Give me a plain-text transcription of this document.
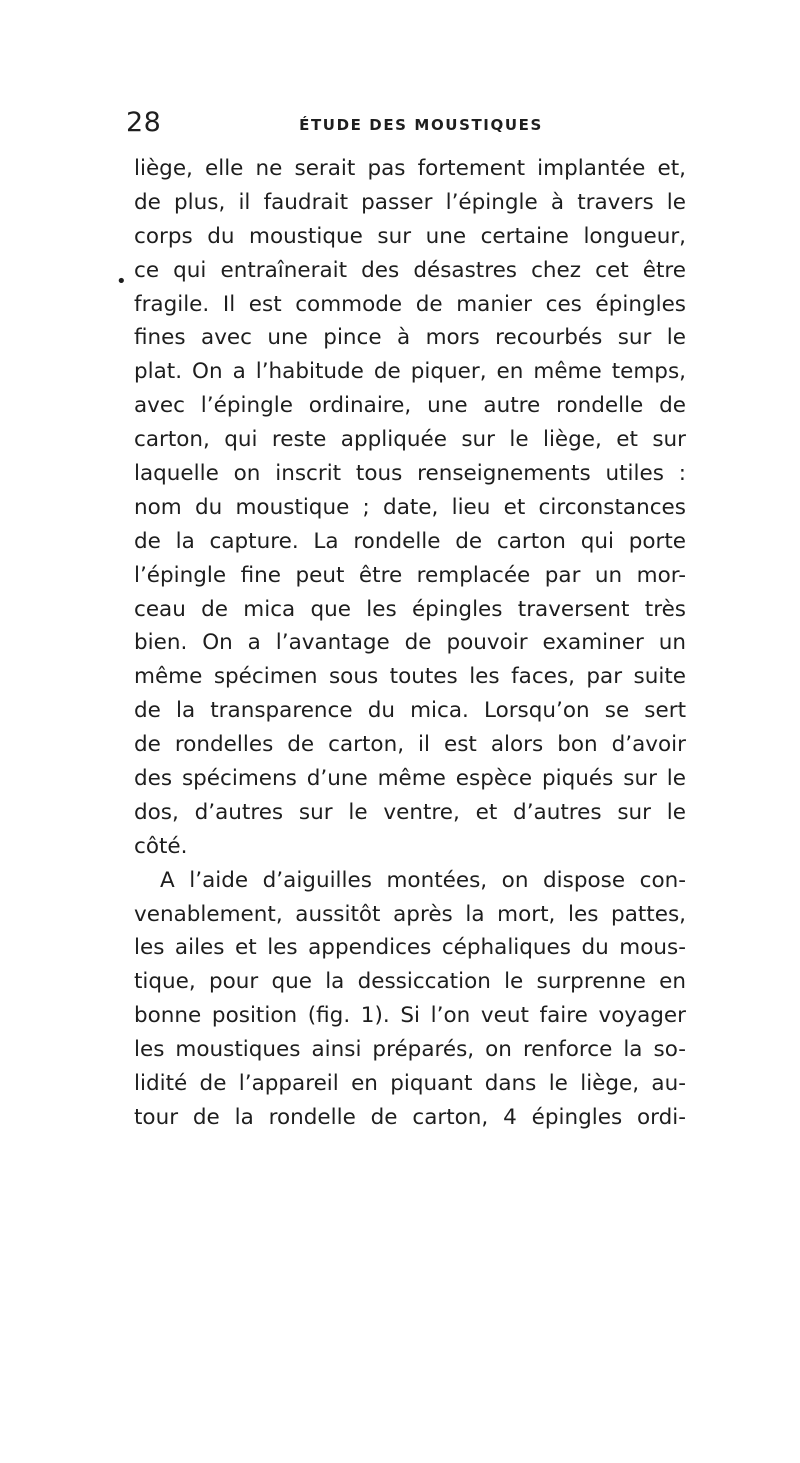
28	ÉTUDE DES MOUSTIQUES
•
liège, elle ne serait pas fortement implantée et,
de plus, il faudrait passer l’épingle à travers le
corps du moustique sur une certaine longueur,
ce qui entraînerait des désastres chez cet être
fragile. Il est commode de manier ces épingles
fines avec une pince à mors recourbés sur le
plat. On a l’habitude de piquer, en même temps,
avec l’épingle ordinaire, une autre rondelle de
carton, qui reste appliquée sur le liège, et sur
laquelle on inscrit tous renseignements utiles :
nom du moustique ; date, lieu et circonstances
de la capture. La rondelle de carton qui porte
l’épingle fine peut être remplacée par un mor-
ceau de mica que les épingles traversent très
bien. On a l’avantage de pouvoir examiner un
même spécimen sous toutes les faces, par suite
de la transparence du mica. Lorsqu’on se sert
de rondelles de carton, il est alors bon d’avoir
des spécimens d’une même espèce piqués sur le
dos, d’autres sur le ventre, et d’autres sur le
côté.
A l’aide d’aiguilles montées, on dispose con-
venablement, aussitôt après la mort, les pattes,
les ailes et les appendices céphaliques du mous-
tique, pour que la dessiccation le surprenne en
bonne position (fig. 1). Si l’on veut faire voyager
les moustiques ainsi préparés, on renforce la so-
lidité de l’appareil en piquant dans le liège, au-
tour de la rondelle de carton, 4 épingles ordi-
